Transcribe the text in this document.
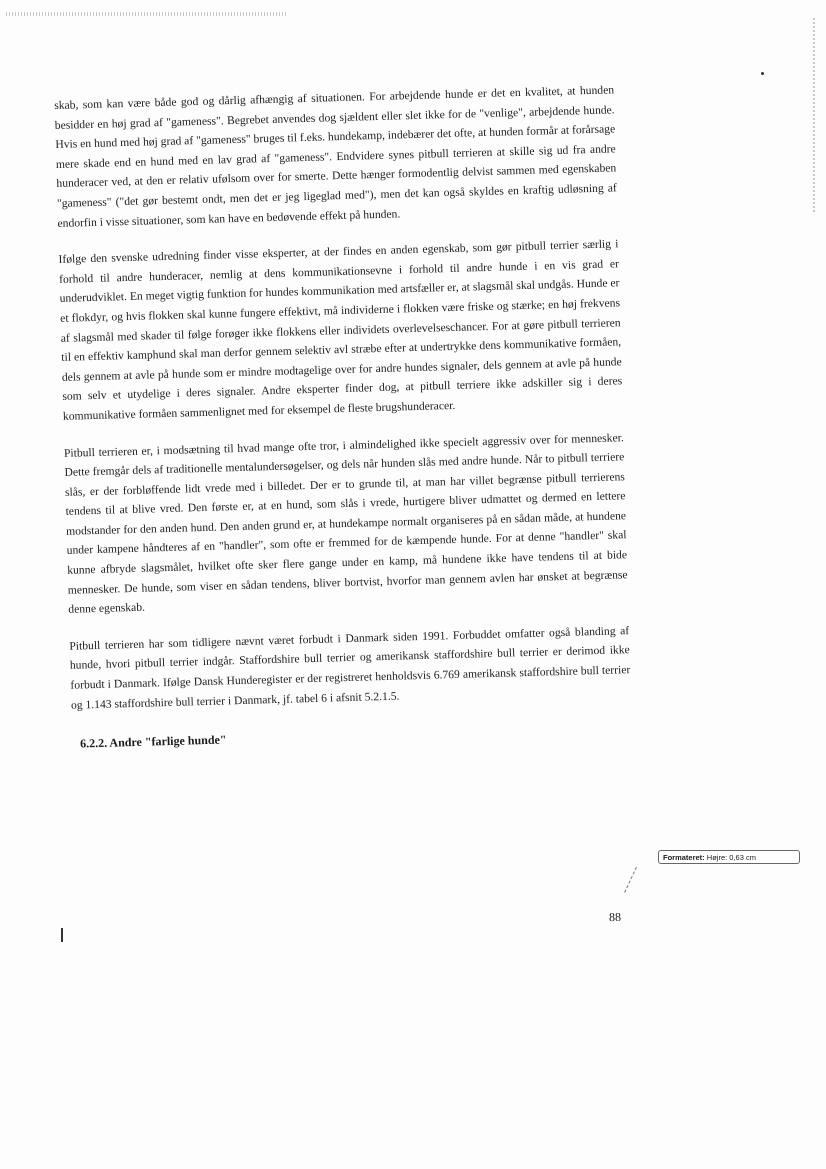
skab, som kan være både god og dårlig afhængig af situationen. For arbejdende hunde er det en kvalitet, at hunden besidder en høj grad af "gameness". Begrebet anvendes dog sjældent eller slet ikke for de "venlige", arbejdende hunde. Hvis en hund med høj grad af "gameness" bruges til f.eks. hundekamp, indebærer det ofte, at hunden formår at forårsage mere skade end en hund med en lav grad af "gameness". Endvidere synes pitbull terrieren at skille sig ud fra andre hunderacer ved, at den er relativ ufølsom over for smerte. Dette hænger formodentlig delvist sammen med egenskaben "gameness" ("det gør bestemt ondt, men det er jeg ligeglad med"), men det kan også skyldes en kraftig udløsning af endorfin i visse situationer, som kan have en bedøvende effekt på hunden.

Ifølge den svenske udredning finder visse eksperter, at der findes en anden egenskab, som gør pitbull terrier særlig i forhold til andre hunderacer, nemlig at dens kommunikationsevne i forhold til andre hunde i en vis grad er underudviklet. En meget vigtig funktion for hundes kommunikation med artsfæller er, at slagsmål skal undgås. Hunde er et flokdyr, og hvis flokken skal kunne fungere effektivt, må individerne i flokken være friske og stærke; en høj frekvens af slagsmål med skader til følge forøger ikke flokkens eller individets overlevelseschancer. For at gøre pitbull terrieren til en effektiv kamphund skal man derfor gennem selektiv avl stræbe efter at undertrykke dens kommunikative formåen, dels gennem at avle på hunde som er mindre modtagelige over for andre hundes signaler, dels gennem at avle på hunde som selv et utydelige i deres signaler. Andre eksperter finder dog, at pitbull terriere ikke adskiller sig i deres kommunikative formåen sammenlignet med for eksempel de fleste brugshunderacer.

Pitbull terrieren er, i modsætning til hvad mange ofte tror, i almindelighed ikke specielt aggressiv over for mennesker. Dette fremgår dels af traditionelle mentalundersøgelser, og dels når hunden slås med andre hunde. Når to pitbull terriere slås, er der forbløffende lidt vrede med i billedet. Der er to grunde til, at man har villet begrænse pitbull terrierens tendens til at blive vred. Den første er, at en hund, som slås i vrede, hurtigere bliver udmattet og dermed en lettere modstander for den anden hund. Den anden grund er, at hundekampe normalt organiseres på en sådan måde, at hundene under kampene håndteres af en "handler", som ofte er fremmed for de kæmpende hunde. For at denne "handler" skal kunne afbryde slagsmålet, hvilket ofte sker flere gange under en kamp, må hundene ikke have tendens til at bide mennesker. De hunde, som viser en sådan tendens, bliver bortvist, hvorfor man gennem avlen har ønsket at begrænse denne egenskab.

Pitbull terrieren har som tidligere nævnt været forbudt i Danmark siden 1991. Forbuddet omfatter også blanding af hunde, hvori pitbull terrier indgår. Staffordshire bull terrier og amerikansk staffordshire bull terrier er derimod ikke forbudt i Danmark. Ifølge Dansk Hunderegister er der registreret henholdsvis 6.769 amerikansk staffordshire bull terrier og 1.143 staffordshire bull terrier i Danmark, jf. tabel 6 i afsnit 5.2.1.5.

6.2.2. Andre "farlige hunde"
Formateret: Højre: 0,63 cm
88
